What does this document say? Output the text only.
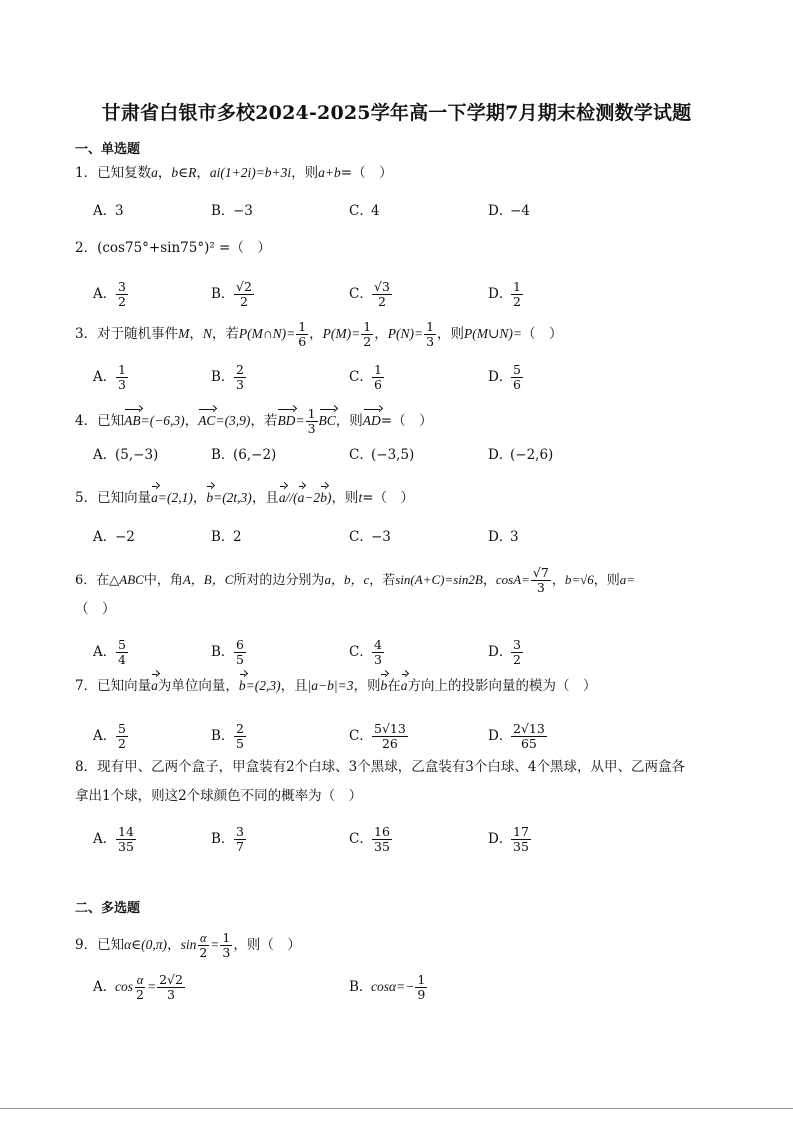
甘肃省白银市多校2024-2025学年高一下学期7月期末检测数学试题
一、单选题
1．已知复数a，b∈R，ai(1+2i)=b+3i，则a+b=（　）
A．3	B．−3	C．4	D．−4
2．(cos75°+sin75°)² =（　）
A． $\frac{3}{2}$	B． $\frac{√2}{2}$	C． $\frac{√3}{2}$	D．
$\frac{1}{2}$
3．对于随机事件M，N，若P(M∩N)= $\frac{1}{6}$ ，$P(M)= \frac{1}{2}$ ，$P(N)= \frac{1}{3}$ ，则P(M∪N)=（　）
A． $\frac{1}{3}$	B． $\frac{2}{3}$	C． $\frac{1}{6}$	D．
$\frac{5}{6}$
4．已知AB=(−6,3)，AC=(3,9)，若$BD= \frac{1}{3}$ BC，则AD=（　）
A．(5,−3)	B．(6,−2)	C．(−3,5)	D．(−2,6)
5．已知向量a=(2,1)，b=(2t,3)，且a//(a−2b)，则t=（　）
A．−2	B．2	C．−3	D．3
6．在△ABC中，角A，B，C所对的边分别为a，b，c，若sin(A+C)=sin2B，$\cos A= \frac{√7}{3}$ ，b=√6，则a=
（　）
A． $\frac{5}{4}$	B． $\frac{6}{5}$	C． $\frac{4}{3}$	D．
$\frac{3}{2}$
7．已知向量a为单位向量，b=(2,3)，且|a−b|=3，则b在a方向上的投影向量的模为（　）
A． $\frac{5}{2}$	B． $\frac{2}{5}$	C． $\frac{5√13}{26}$	D．
$\frac{2√13}{65}$
8．现有甲、乙两个盒子，甲盒装有2个白球、3个黑球，乙盒装有3个白球、4个黑球，从甲、乙两盒各
拿出1个球，则这2个球颜色不同的概率为（　）
A． $\frac{14}{35}$	B． $\frac{3}{7}$	C． $\frac{16}{35}$	D．
$\frac{17}{35}$
二、多选题
9．已知α∈(0,π)，$\sin \frac{\alpha}{2} = \frac{1}{3}$ ，则（　）
A．$\cos \frac{\alpha}{2} = \frac{2√2}{3}$	B．$\cos\alpha=- \frac{1}{9}$
